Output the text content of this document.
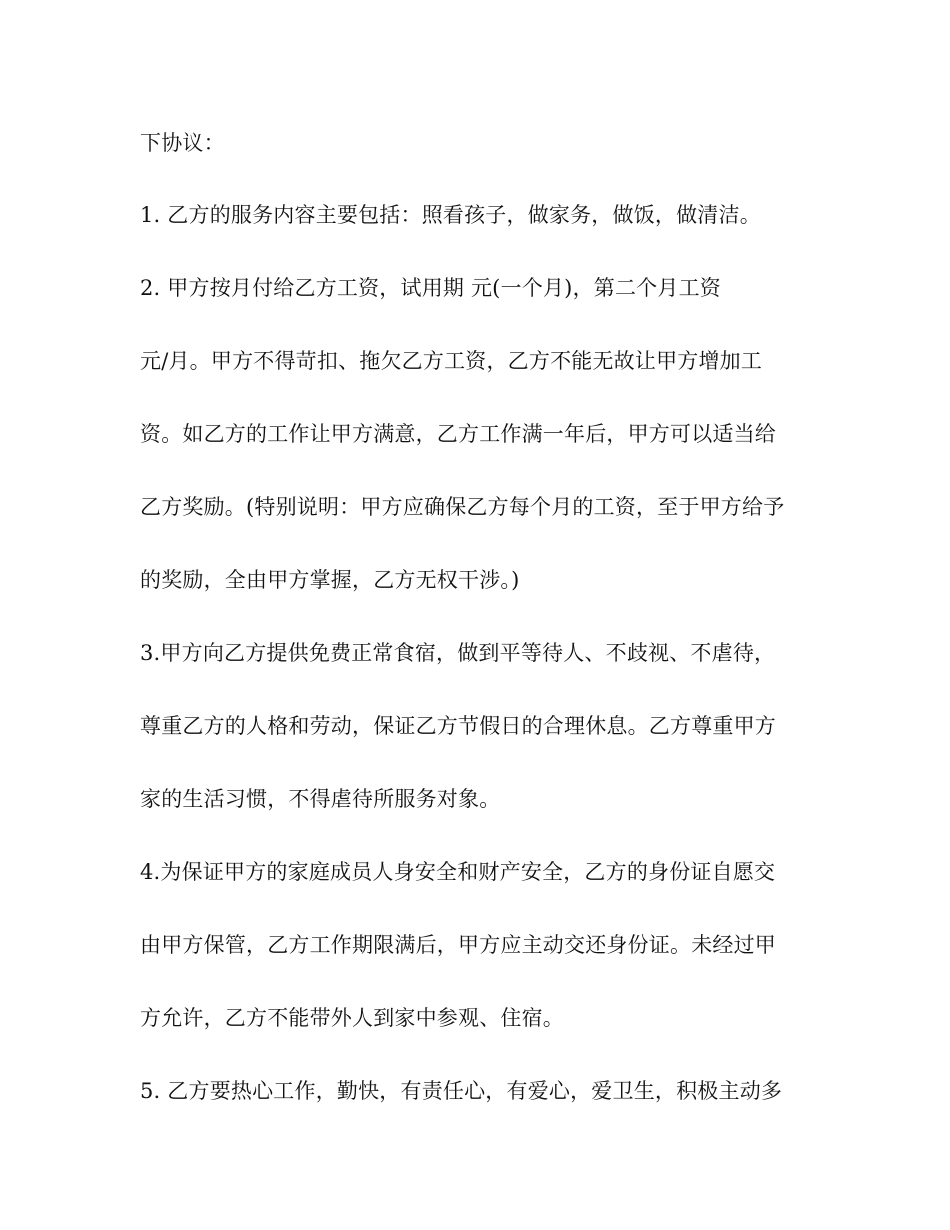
下协议：
1. 乙方的服务内容主要包括：照看孩子，做家务，做饭，做清洁。
2. 甲方按月付给乙方工资，试用期 元(一个月)，第二个月工资
元/月。甲方不得苛扣、拖欠乙方工资，乙方不能无故让甲方增加工
资。如乙方的工作让甲方满意，乙方工作满一年后，甲方可以适当给
乙方奖励。(特别说明：甲方应确保乙方每个月的工资，至于甲方给予
的奖励，全由甲方掌握，乙方无权干涉。)
3.甲方向乙方提供免费正常食宿，做到平等待人、不歧视、不虐待，
尊重乙方的人格和劳动，保证乙方节假日的合理休息。乙方尊重甲方
家的生活习惯，不得虐待所服务对象。
4.为保证甲方的家庭成员人身安全和财产安全，乙方的身份证自愿交
由甲方保管，乙方工作期限满后，甲方应主动交还身份证。未经过甲
方允许，乙方不能带外人到家中参观、住宿。
5. 乙方要热心工作，勤快，有责任心，有爱心，爱卫生，积极主动多
